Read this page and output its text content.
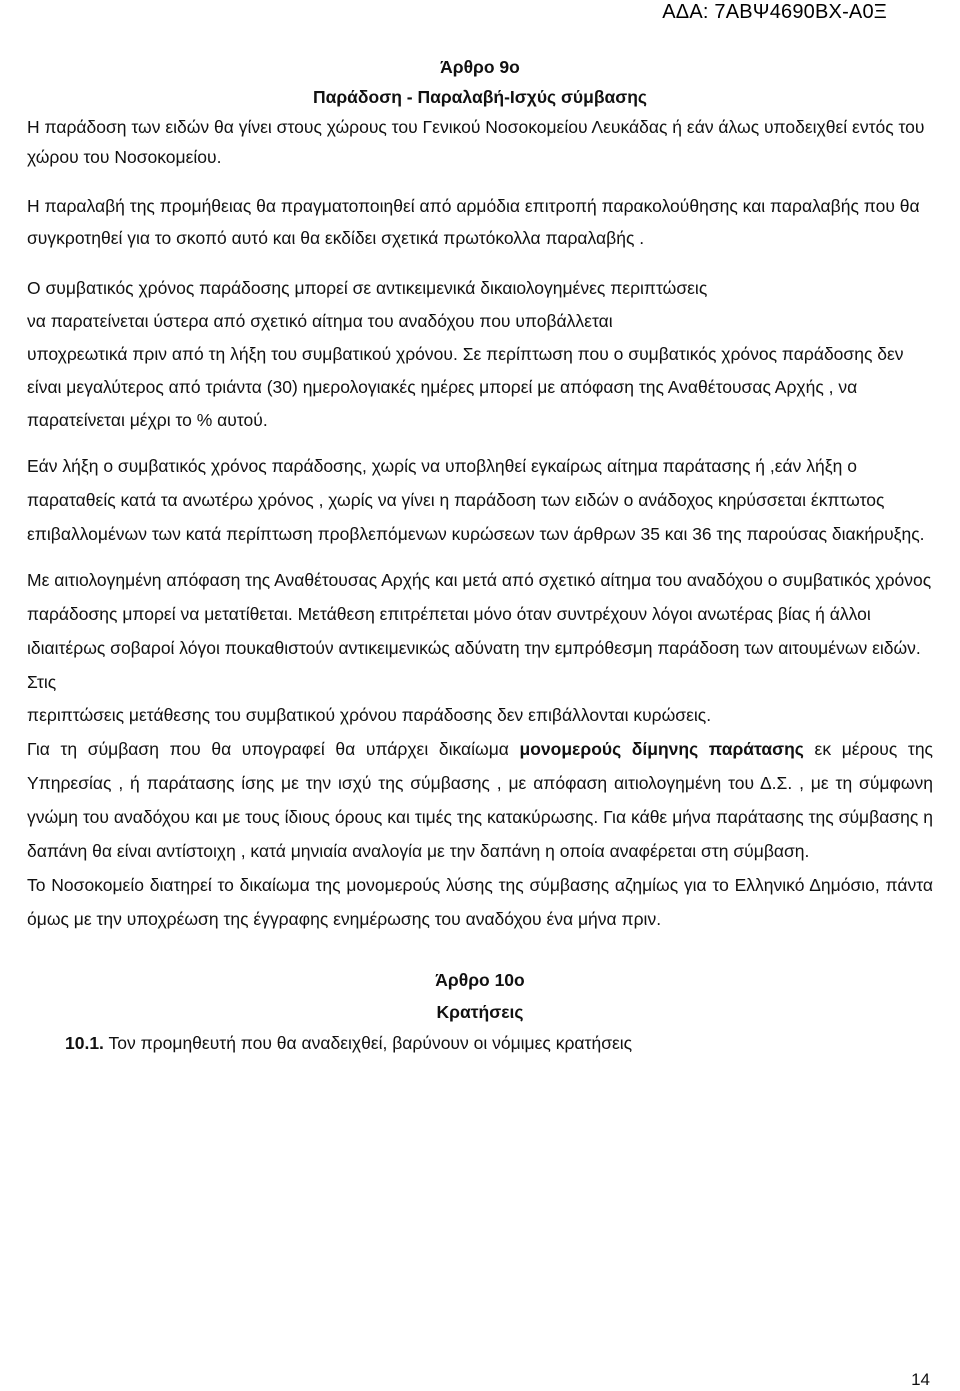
ΑΔΑ: 7ΑΒΨ4690ΒΧ-Α0Ξ

Άρθρο 9ο

Παράδοση - Παραλαβή-Ισχύς σύμβασης

Η παράδοση των ειδών θα γίνει στους χώρους του Γενικού Νοσοκομείου Λευκάδας ή εάν άλως υποδειχθεί εντός του χώρου του Νοσοκομείου.

Η παραλαβή της προμήθειας θα πραγματοποιηθεί από αρμόδια επιτροπή παρακολούθησης και παραλαβής που θα συγκροτηθεί για το σκοπό αυτό και θα εκδίδει σχετικά πρωτόκολλα παραλαβής .

Ο συμβατικός χρόνος παράδοσης μπορεί σε αντικειμενικά δικαιολογημένες περιπτώσεις

να παρατείνεται ύστερα από σχετικό αίτημα του αναδόχου που υποβάλλεται

υποχρεωτικά πριν από τη λήξη του συμβατικού χρόνου. Σε περίπτωση που ο συμβατικός χρόνος παράδοσης δεν είναι μεγαλύτερος από τριάντα (30) ημερολογιακές ημέρες μπορεί με απόφαση της Αναθέτουσας Αρχής , να παρατείνεται μέχρι το % αυτού.

Εάν λήξη ο συμβατικός χρόνος παράδοσης, χωρίς να υποβληθεί εγκαίρως αίτημα παράτασης ή ,εάν λήξη ο παραταθείς κατά τα ανωτέρω χρόνος , χωρίς να γίνει η παράδοση των ειδών ο ανάδοχος κηρύσσεται έκπτωτος επιβαλλομένων των κατά περίπτωση προβλεπόμενων κυρώσεων των άρθρων 35 και 36 της παρούσας διακήρυξης.

Με αιτιολογημένη απόφαση της Αναθέτουσας Αρχής και μετά από σχετικό αίτημα του αναδόχου ο συμβατικός χρόνος παράδοσης μπορεί να μετατίθεται. Μετάθεση επιτρέπεται μόνο όταν συντρέχουν λόγοι ανωτέρας βίας ή άλλοι ιδιαιτέρως σοβαροί λόγοι πουκαθιστούν αντικειμενικώς αδύνατη την εμπρόθεσμη παράδοση των αιτουμένων ειδών. Στις

περιπτώσεις μετάθεσης του συμβατικού χρόνου παράδοσης δεν επιβάλλονται κυρώσεις.

Για τη σύμβαση που θα υπογραφεί θα υπάρχει δικαίωμα μονομερούς δίμηνης παράτασης εκ μέρους της Υπηρεσίας , ή παράτασης ίσης με την ισχύ της σύμβασης , με απόφαση αιτιολογημένη του Δ.Σ. , με τη σύμφωνη γνώμη του αναδόχου και με τους ίδιους όρους και τιμές της κατακύρωσης. Για κάθε μήνα παράτασης της σύμβασης η δαπάνη θα είναι αντίστοιχη , κατά μηνιαία αναλογία με την δαπάνη η οποία αναφέρεται στη σύμβαση.

Το Νοσοκομείο διατηρεί το δικαίωμα της μονομερούς λύσης της σύμβασης αζημίως για το Ελληνικό Δημόσιο, πάντα όμως με την υποχρέωση της έγγραφης ενημέρωσης του αναδόχου ένα μήνα πριν.

Άρθρο 10ο

Κρατήσεις

10.1. Τον προμηθευτή που θα αναδειχθεί, βαρύνουν οι νόμιμες κρατήσεις

14
